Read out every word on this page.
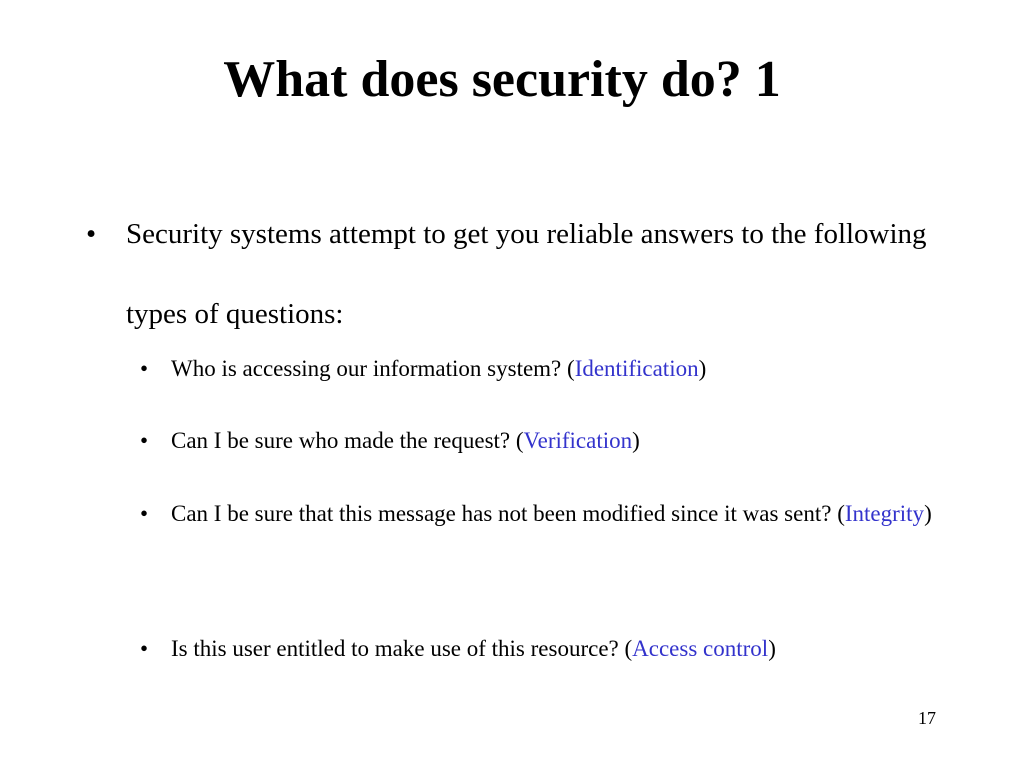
What does security do? 1
• Security systems attempt to get you reliable answers to the following types of questions:
• Who is accessing our information system? (Identification)
• Can I be sure who made the request? (Verification)
• Can I be sure that this message has not been modified since it was sent? (Integrity)
• Is this user entitled to make use of this resource? (Access control)
17
